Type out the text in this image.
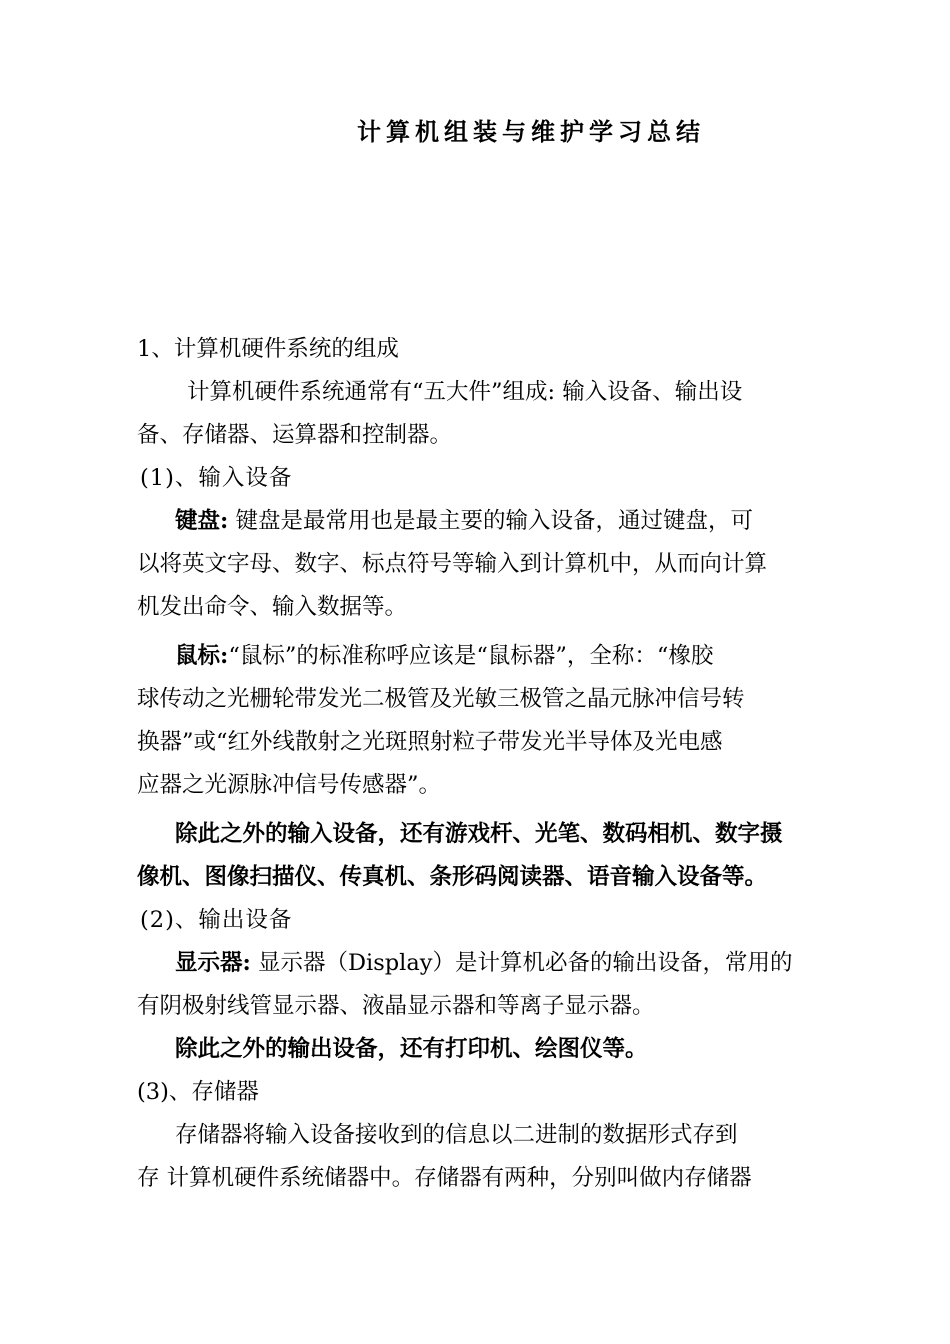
计算机组装与维护学习总结
1、计算机硬件系统的组成
计算机硬件系统通常有“五大件”组成: 输入设备、输出设
备、存储器、运算器和控制器。
(1)、输入设备
键盘: 键盘是最常用也是最主要的输入设备，通过键盘，可
以将英文字母、数字、标点符号等输入到计算机中，从而向计算
机发出命令、输入数据等。
鼠标:“鼠标”的标准称呼应该是“鼠标器”，全称：“橡胶
球传动之光栅轮带发光二极管及光敏三极管之晶元脉冲信号转
换器”或“红外线散射之光斑照射粒子带发光半导体及光电感
应器之光源脉冲信号传感器”。
除此之外的输入设备，还有游戏杆、光笔、数码相机、数字摄
像机、图像扫描仪、传真机、条形码阅读器、语音输入设备等。
(2)、输出设备
显示器: 显示器（Display）是计算机必备的输出设备，常用的
有阴极射线管显示器、液晶显示器和等离子显示器。
除此之外的输出设备，还有打印机、绘图仪等。
(3)、存储器
存储器将输入设备接收到的信息以二进制的数据形式存到
存 计算机硬件系统储器中。存储器有两种，分别叫做内存储器
